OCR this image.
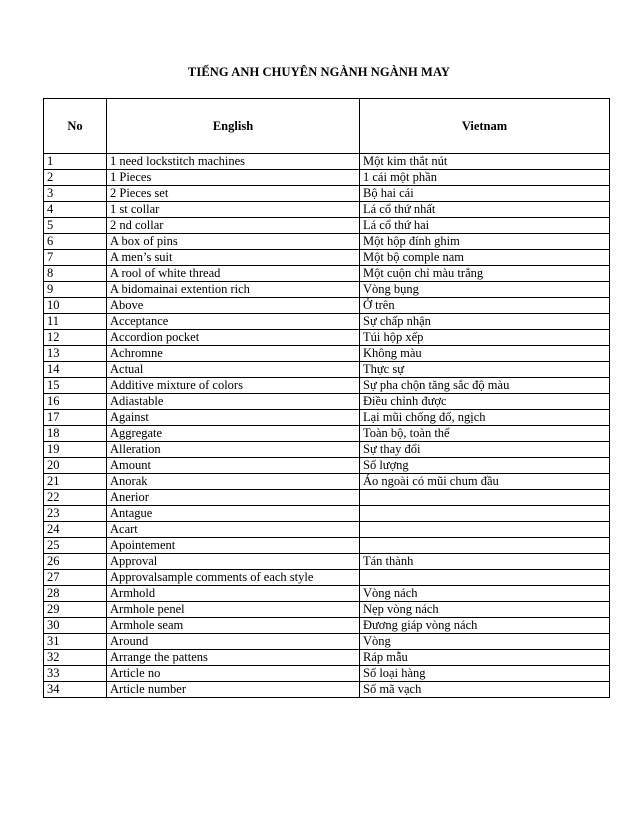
TIẾNG ANH CHUYÊN NGÀNH NGÀNH MAY
No	English	Vietnam
1	1 need lockstitch machines	Một kim thắt nút
2	1 Pieces	1 cái một phần
3	2 Pieces set	Bộ hai cái
4	1 st collar	Lá cổ thứ nhất
5	2 nd collar	Lá cổ thứ hai
6	A box of pins	Một hộp đính ghim
7	A men’s suit	Một bộ comple nam
8	A rool of white thread	Một cuộn chỉ màu trắng
9	A bidomainai extention rich	Vòng bụng
10	Above	Ở trên
11	Acceptance	Sự chấp nhận
12	Accordion pocket	Túi hộp xếp
13	Achromne	Không màu
14	Actual	Thực sự
15	Additive mixture of colors	Sự pha chộn tăng sắc độ màu
16	Adiastable	Điều chỉnh được
17	Against	Lại mũi chống đổ, ngịch
18	Aggregate	Toàn bộ, toàn thể
19	Alleration	Sự thay đổi
20	Amount	Số lượng
21	Anorak	Áo ngoài có mũi chum đầu
22	Anerior	
23	Antague	
24	Acart	
25	Apointement	
26	Approval	Tán thành
27	Approvalsample comments of each style	
28	Armhold	Vòng nách
29	Armhole penel	Nẹp vòng nách
30	Armhole seam	Đương giáp vòng nách
31	Around	Vòng
32	Arrange the pattens	Ráp mẫu
33	Article no	Số loại hàng
34	Article number	Số mã vạch
